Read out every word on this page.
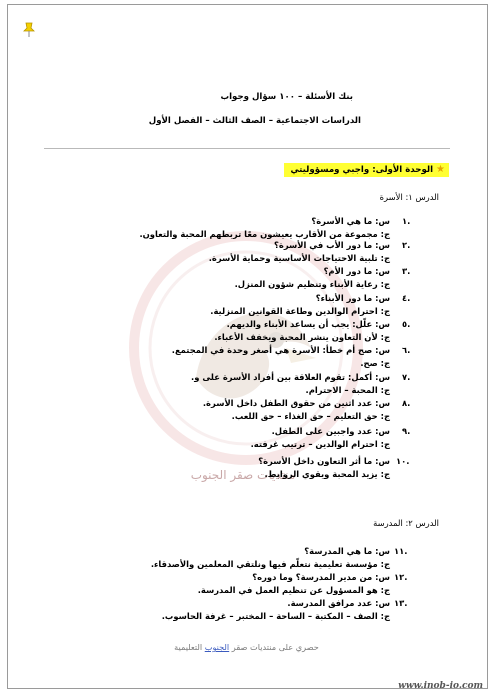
منتديات صقر الجنوب
بنك الأسئلة – ١٠٠ سؤال وجواب
الدراسات الاجتماعية – الصف الثالث – الفصل الأول
★الوحدة الأولى: واجبي ومسؤوليتي
الدرس ١: الأسرة
١.
س: ما هي الأسرة؟
ج: مجموعة من الأقارب يعيشون معًا تربطهم المحبة والتعاون.
٢.
س: ما دور الأب في الأسرة؟
ج: تلبية الاحتياجات الأساسية وحماية الأسرة.
٣.
س: ما دور الأم؟
ج: رعاية الأبناء وتنظيم شؤون المنزل.
٤.
س: ما دور الأبناء؟
ج: احترام الوالدين وطاعة القوانين المنزلية.
٥.
س: علّل: يجب أن يساعد الأبناء والديهم.
ج: لأن التعاون ينشر المحبة ويخفف الأعباء.
٦.
س: صح أم خطأ: الأسرة هي أصغر وحدة في المجتمع.
ج: صح.
٧.
س: أكمل: تقوم العلاقة بين أفراد الأسرة على و.
ج: المحبة – الاحترام.
٨.
س: عدد اثنين من حقوق الطفل داخل الأسرة.
ج: حق التعليم – حق الغذاء – حق اللعب.
٩.
س: عدد واجبين على الطفل.
ج: احترام الوالدين – ترتيب غرفته.
١٠.
س: ما أثر التعاون داخل الأسرة؟
ج: يزيد المحبة ويقوي الروابط.
الدرس ٢: المدرسة
١١.
س: ما هي المدرسة؟
ج: مؤسسة تعليمية نتعلّم فيها ونلتقي المعلمين والأصدقاء.
١٢.
س: من مدير المدرسة؟ وما دوره؟
ج: هو المسؤول عن تنظيم العمل في المدرسة.
١٣.
س: عدد مرافق المدرسة.
ج: الصف – المكتبة – الساحة – المختبر – غرفة الحاسوب.
حصري على منتديات صقر الجنوب التعليمية
www.inob-io.com
